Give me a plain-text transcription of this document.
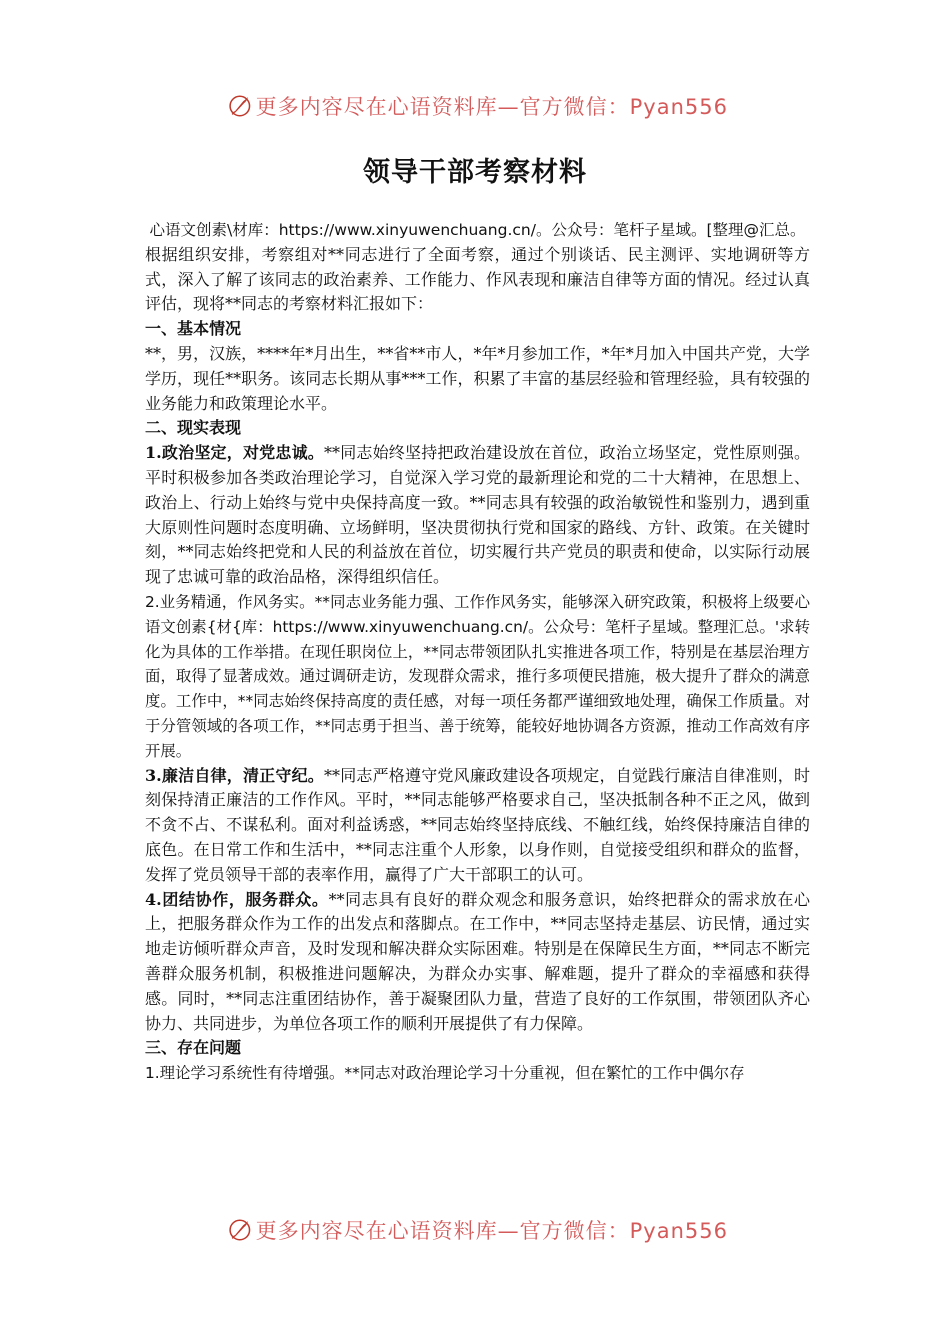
更多内容尽在心语资料库—官方微信：Pyan556
领导干部考察材料

心语文创素\材库：https://www.xinyuwenchuang.cn/。公众号：笔杆子星域。[整理@汇总。

根据组织安排，考察组对**同志进行了全面考察，通过个别谈话、民主测评、实地调研等方式，深入了解了该同志的政治素养、工作能力、作风表现和廉洁自律等方面的情况。经过认真评估，现将**同志的考察材料汇报如下：

一、基本情况

**，男，汉族，****年*月出生，**省**市人，*年*月参加工作，*年*月加入中国共产党，大学学历，现任**职务。该同志长期从事***工作，积累了丰富的基层经验和管理经验，具有较强的业务能力和政策理论水平。

二、现实表现

1.政治坚定，对党忠诚。**同志始终坚持把政治建设放在首位，政治立场坚定，党性原则强。平时积极参加各类政治理论学习，自觉深入学习党的最新理论和党的二十大精神，在思想上、政治上、行动上始终与党中央保持高度一致。**同志具有较强的政治敏锐性和鉴别力，遇到重大原则性问题时态度明确、立场鲜明，坚决贯彻执行党和国家的路线、方针、政策。在关键时刻，**同志始终把党和人民的利益放在首位，切实履行共产党员的职责和使命，以实际行动展现了忠诚可靠的政治品格，深得组织信任。

2.业务精通，作风务实。**同志业务能力强、工作作风务实，能够深入研究政策，积极将上级要心语文创素{材{库：https://www.xinyuwenchuang.cn/。公众号：笔杆子星域。整理汇总。'求转化为具体的工作举措。在现任职岗位上，**同志带领团队扎实推进各项工作，特别是在基层治理方面，取得了显著成效。通过调研走访，发现群众需求，推行多项便民措施，极大提升了群众的满意度。工作中，**同志始终保持高度的责任感，对每一项任务都严谨细致地处理，确保工作质量。对于分管领域的各项工作，**同志勇于担当、善于统筹，能较好地协调各方资源，推动工作高效有序开展。

3.廉洁自律，清正守纪。**同志严格遵守党风廉政建设各项规定，自觉践行廉洁自律准则，时刻保持清正廉洁的工作作风。平时，**同志能够严格要求自己，坚决抵制各种不正之风，做到不贪不占、不谋私利。面对利益诱惑，**同志始终坚持底线、不触红线，始终保持廉洁自律的底色。在日常工作和生活中，**同志注重个人形象，以身作则，自觉接受组织和群众的监督，发挥了党员领导干部的表率作用，赢得了广大干部职工的认可。

4.团结协作，服务群众。**同志具有良好的群众观念和服务意识，始终把群众的需求放在心上，把服务群众作为工作的出发点和落脚点。在工作中，**同志坚持走基层、访民情，通过实地走访倾听群众声音，及时发现和解决群众实际困难。特别是在保障民生方面，**同志不断完善群众服务机制，积极推进问题解决，为群众办实事、解难题，提升了群众的幸福感和获得感。同时，**同志注重团结协作，善于凝聚团队力量，营造了良好的工作氛围，带领团队齐心协力、共同进步，为单位各项工作的顺利开展提供了有力保障。

三、存在问题

1.理论学习系统性有待增强。**同志对政治理论学习十分重视，但在繁忙的工作中偶尔存

更多内容尽在心语资料库—官方微信：Pyan556
